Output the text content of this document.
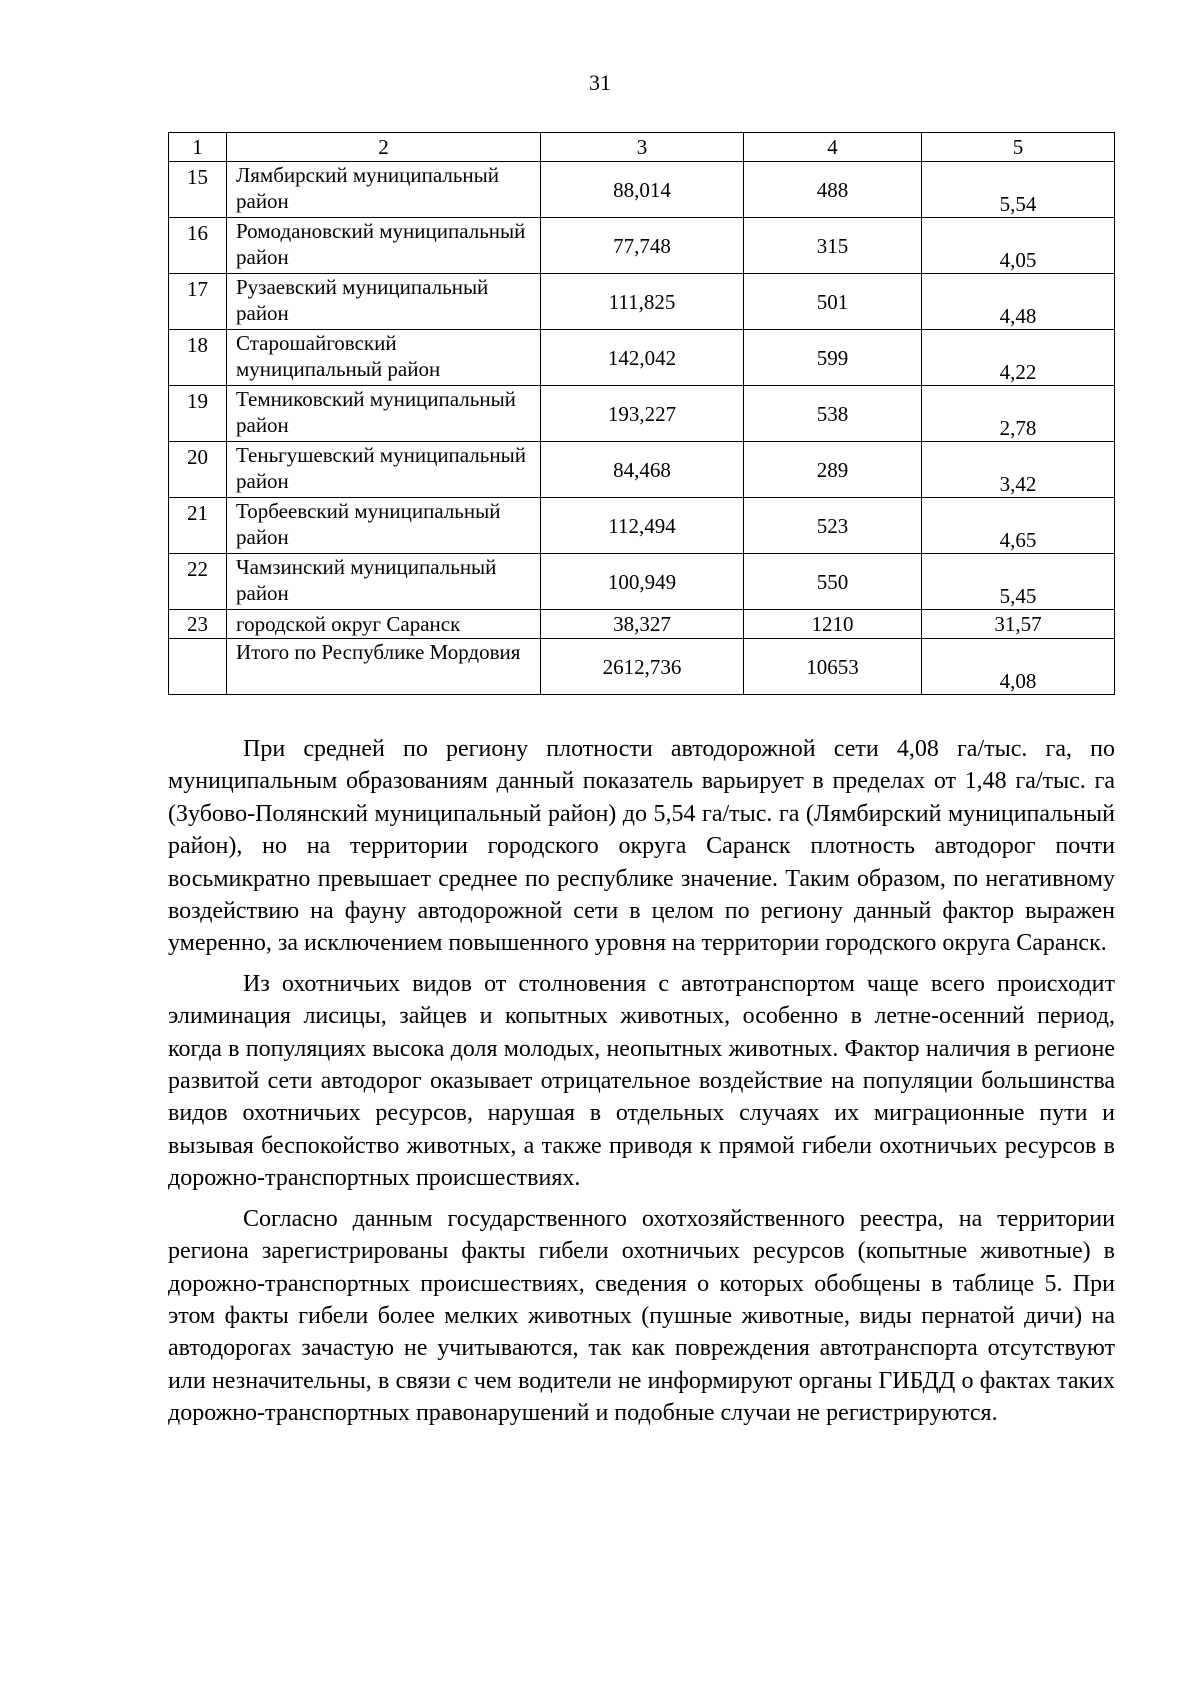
31
1	2	3	4	5
15	Лямбирский муниципальный район	88,014	488	5,54
16	Ромодановский муниципальный район	77,748	315	4,05
17	Рузаевский муниципальный район	111,825	501	4,48
18	Старошайговский муниципальный район	142,042	599	4,22
19	Темниковский муниципальный район	193,227	538	2,78
20	Теньгушевский муниципальный район	84,468	289	3,42
21	Торбеевский муниципальный район	112,494	523	4,65
22	Чамзинский муниципальный район	100,949	550	5,45
23	городской округ Саранск	38,327	1210	31,57
	Итого по Республике Мордовия	2612,736	10653	4,08

При средней по региону плотности автодорожной сети 4,08 га/тыс. га, по муниципальным образованиям данный показатель варьирует в пределах от 1,48 га/тыс. га (Зубово-Полянский муниципальный район) до 5,54 га/тыс. га (Лямбирский муниципальный район), но на территории городского округа Саранск плотность автодорог почти восьмикратно превышает среднее по республике значение. Таким образом, по негативному воздействию на фауну автодорожной сети в целом по региону данный фактор выражен умеренно, за исключением повышенного уровня на территории городского округа Саранск.

Из охотничьих видов от столновения с автотранспортом чаще всего происходит элиминация лисицы, зайцев и копытных животных, особенно в летне-осенний период, когда в популяциях высока доля молодых, неопытных животных. Фактор наличия в регионе развитой сети автодорог оказывает отрицательное воздействие на популяции большинства видов охотничьих ресурсов, нарушая в отдельных случаях их миграционные пути и вызывая беспокойство животных, а также приводя к прямой гибели охотничьих ресурсов в дорожно-транспортных происшествиях.

Согласно данным государственного охотхозяйственного реестра, на территории региона зарегистрированы факты гибели охотничьих ресурсов (копытные животные) в дорожно-транспортных происшествиях, сведения о которых обобщены в таблице 5. При этом факты гибели более мелких животных (пушные животные, виды пернатой дичи) на автодорогах зачастую не учитываются, так как повреждения автотранспорта отсутствуют или незначительны, в связи с чем водители не информируют органы ГИБДД о фактах таких дорожно-транспортных правонарушений и подобные случаи не регистрируются.
